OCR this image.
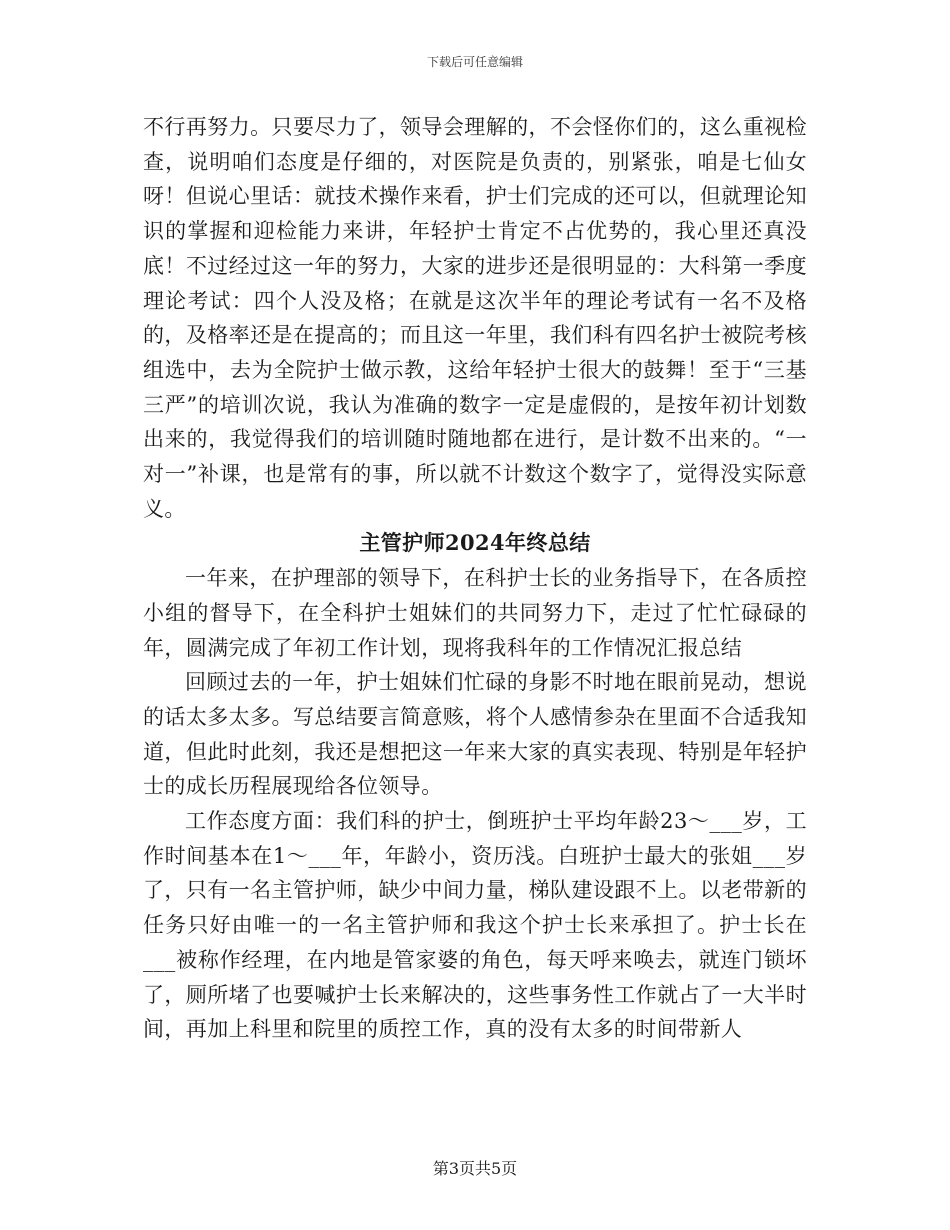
下载后可任意编辑

不行再努力。只要尽力了，领导会理解的，不会怪你们的，这么重视检查，说明咱们态度是仔细的，对医院是负责的，别紧张，咱是七仙女呀！但说心里话：就技术操作来看，护士们完成的还可以，但就理论知识的掌握和迎检能力来讲，年轻护士肯定不占优势的，我心里还真没底！不过经过这一年的努力，大家的进步还是很明显的：大科第一季度理论考试：四个人没及格；在就是这次半年的理论考试有一名不及格的，及格率还是在提高的；而且这一年里，我们科有四名护士被院考核组选中，去为全院护士做示教，这给年轻护士很大的鼓舞！至于“三基三严”的培训次说，我认为准确的数字一定是虚假的，是按年初计划数出来的，我觉得我们的培训随时随地都在进行，是计数不出来的。“一对一”补课，也是常有的事，所以就不计数这个数字了，觉得没实际意义。

主管护师2024年终总结

一年来，在护理部的领导下，在科护士长的业务指导下，在各质控小组的督导下，在全科护士姐妹们的共同努力下，走过了忙忙碌碌的年，圆满完成了年初工作计划，现将我科年的工作情况汇报总结

回顾过去的一年，护士姐妹们忙碌的身影不时地在眼前晃动，想说的话太多太多。写总结要言简意赅，将个人感情参杂在里面不合适我知道，但此时此刻，我还是想把这一年来大家的真实表现、特别是年轻护士的成长历程展现给各位领导。

工作态度方面：我们科的护士，倒班护士平均年龄23～___岁，工作时间基本在1～___年，年龄小，资历浅。白班护士最大的张姐___岁了，只有一名主管护师，缺少中间力量，梯队建设跟不上。以老带新的任务只好由唯一的一名主管护师和我这个护士长来承担了。护士长在___被称作经理，在内地是管家婆的角色，每天呼来唤去，就连门锁坏了，厕所堵了也要喊护士长来解决的，这些事务性工作就占了一大半时间，再加上科里和院里的质控工作，真的没有太多的时间带新人

第3页共5页
